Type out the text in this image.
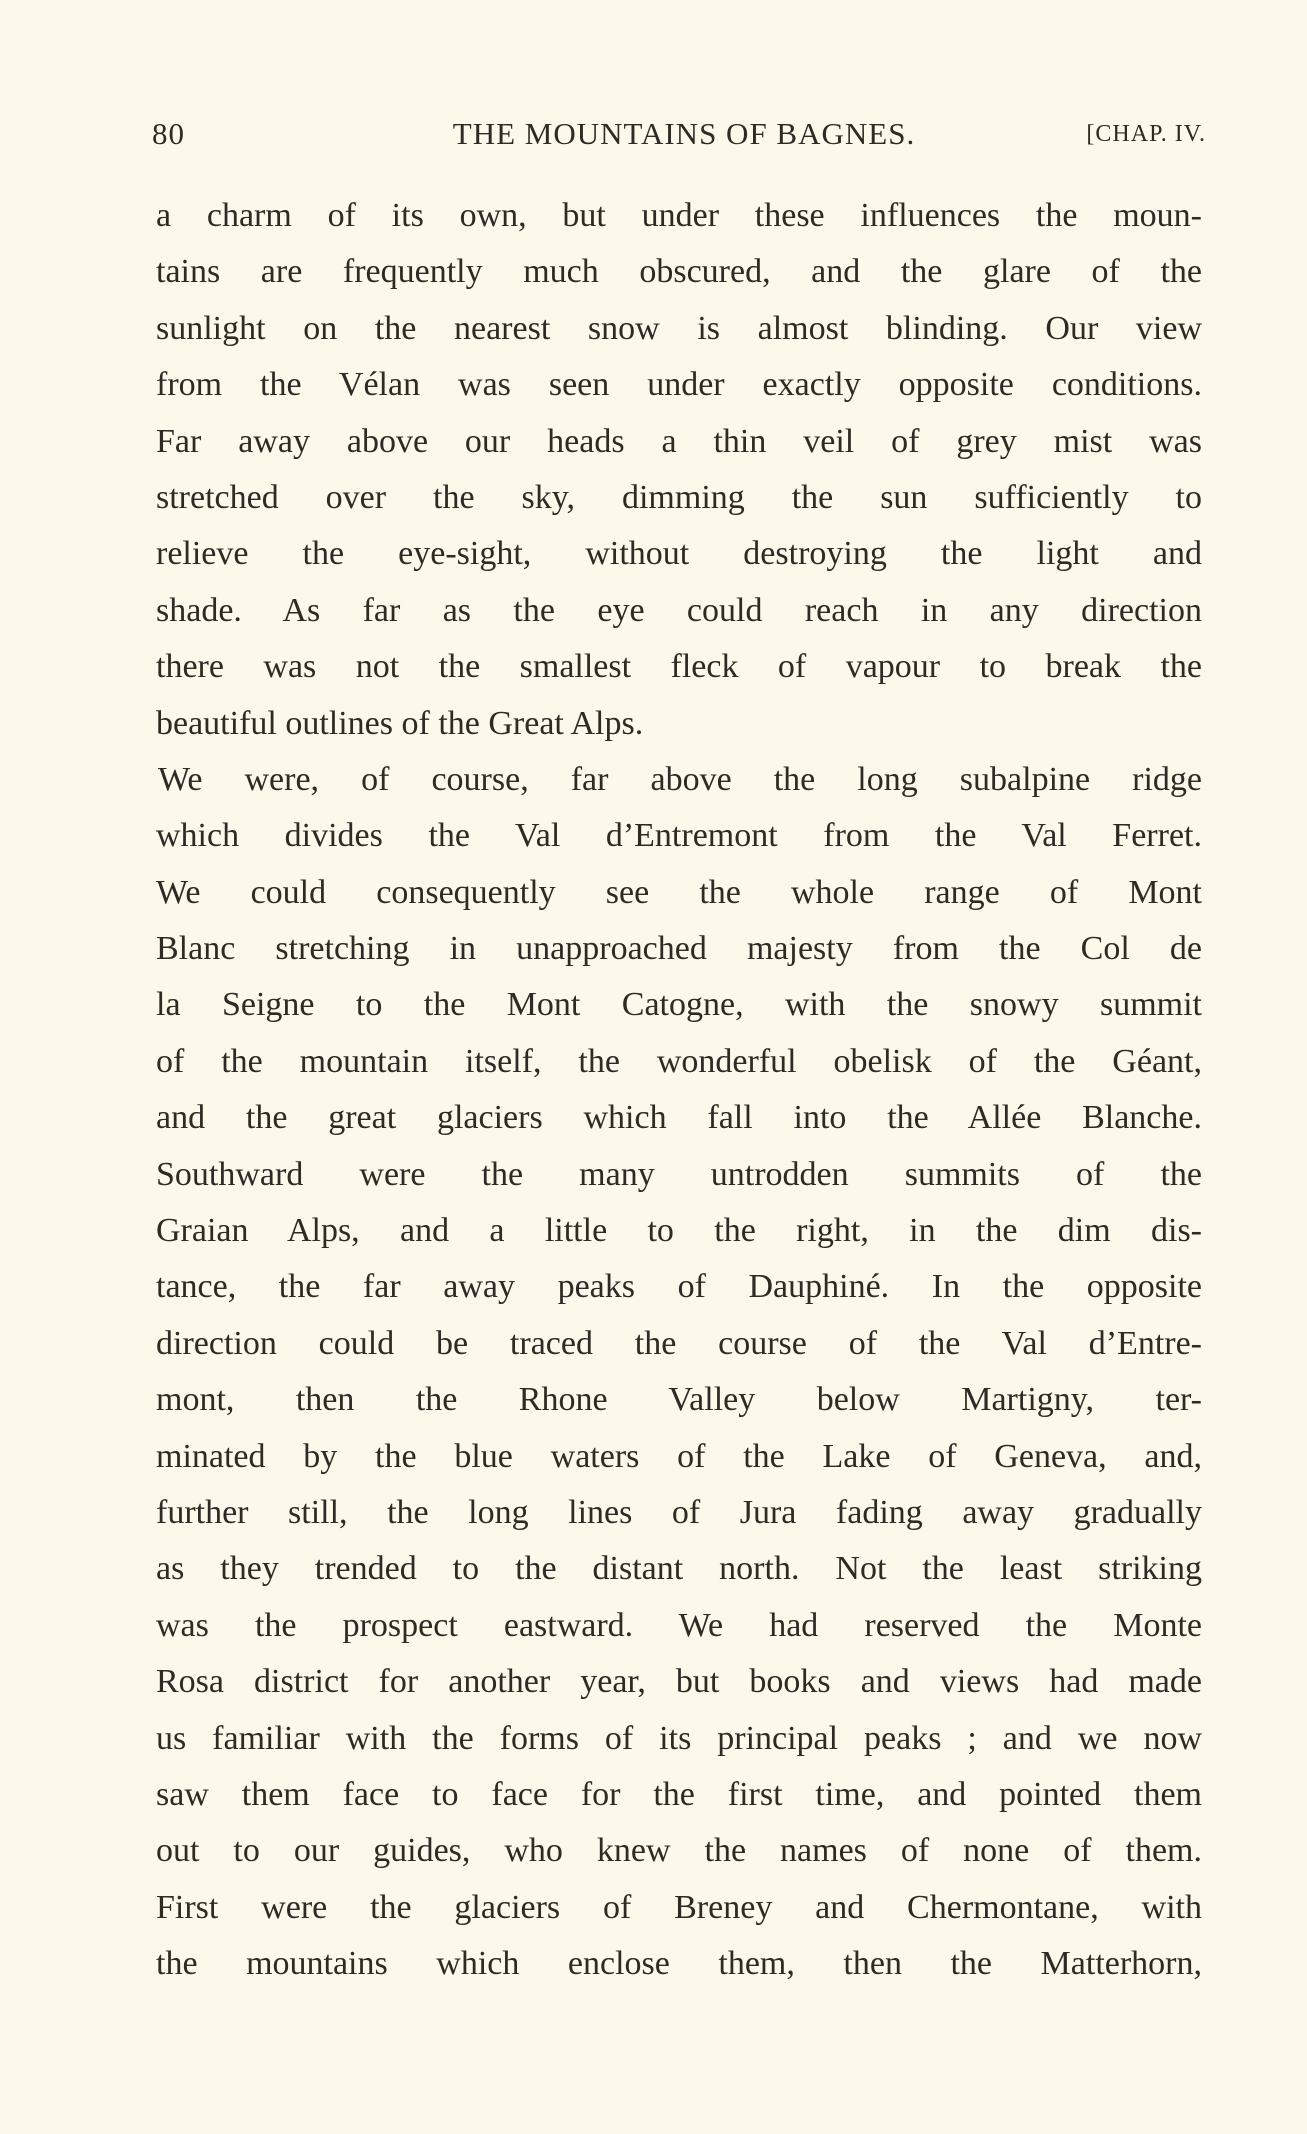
80	THE MOUNTAINS OF BAGNES.	[CHAP. IV.
a charm of its own, but under these influences the moun-
tains are frequently much obscured, and the glare of the
sunlight on the nearest snow is almost blinding. Our view
from the Vélan was seen under exactly opposite conditions.
Far away above our heads a thin veil of grey mist was
stretched over the sky, dimming the sun sufficiently to
relieve the eye-sight, without destroying the light and
shade. As far as the eye could reach in any direction
there was not the smallest fleck of vapour to break the
beautiful outlines of the Great Alps.
We were, of course, far above the long subalpine ridge
which divides the Val d’Entremont from the Val Ferret.
We could consequently see the whole range of Mont
Blanc stretching in unapproached majesty from the Col de
la Seigne to the Mont Catogne, with the snowy summit
of the mountain itself, the wonderful obelisk of the Géant,
and the great glaciers which fall into the Allée Blanche.
Southward were the many untrodden summits of the
Graian Alps, and a little to the right, in the dim dis-
tance, the far away peaks of Dauphiné. In the opposite
direction could be traced the course of the Val d’Entre-
mont, then the Rhone Valley below Martigny, ter-
minated by the blue waters of the Lake of Geneva, and,
further still, the long lines of Jura fading away gradually
as they trended to the distant north. Not the least striking
was the prospect eastward. We had reserved the Monte
Rosa district for another year, but books and views had made
us familiar with the forms of its principal peaks ; and we now
saw them face to face for the first time, and pointed them
out to our guides, who knew the names of none of them.
First were the glaciers of Breney and Chermontane, with
the mountains which enclose them, then the Matterhorn,
